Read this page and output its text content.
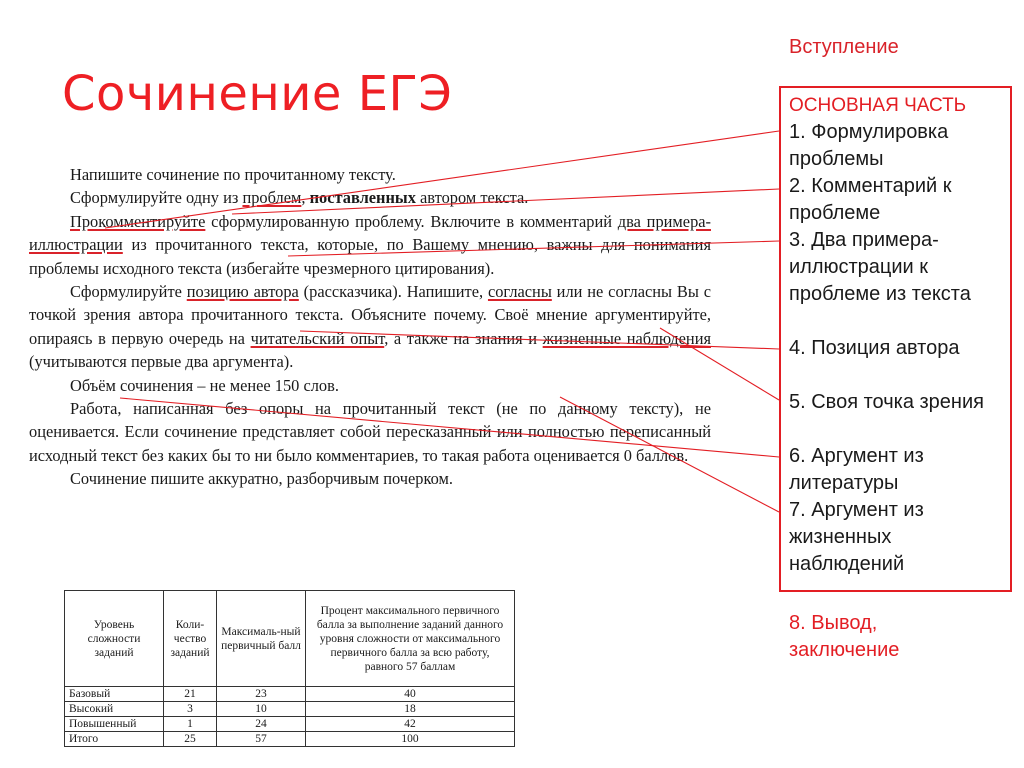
Сочинение ЕГЭ

Напишите сочинение по прочитанному тексту.

Сформулируйте одну из проблем, поставленных автором текста.

Прокомментируйте сформулированную проблему. Включите в комментарий два примера-иллюстрации из прочитанного текста, которые, по Вашему мнению, важны для понимания проблемы исходного текста (избегайте чрезмерного цитирования).

Сформулируйте позицию автора (рассказчика). Напишите, согласны или не согласны Вы с точкой зрения автора прочитанного текста. Объясните почему. Своё мнение аргументируйте, опираясь в первую очередь на читательский опыт, а также на знания и жизненные наблюдения (учитываются первые два аргумента).

Объём сочинения – не менее 150 слов.

Работа, написанная без опоры на прочитанный текст (не по данному тексту), не оценивается. Если сочинение представляет собой пересказанный или полностью переписанный исходный текст без каких бы то ни было комментариев, то такая работа оценивается 0 баллов.

Сочинение пишите аккуратно, разборчивым почерком.

Уровень сложности заданий	Коли-чество заданий	Максималь-ный первичный балл	Процент максимального первичного балла за выполнение заданий данного уровня сложности от максимального первичного балла за всю работу, равного 57 баллам
Базовый	21	23	40
Высокий	3	10	18
Повышенный	1	24	42
Итого	25	57	100
Вступление
ОСНОВНАЯ ЧАСТЬ
1. Формулировка
проблемы
2. Комментарий к
проблеме
3. Два примера-
иллюстрации к
проблеме из текста
4. Позиция автора
5. Своя точка зрения
6. Аргумент из
литературы
7. Аргумент из
жизненных
наблюдений
8. Вывод,
заключение
